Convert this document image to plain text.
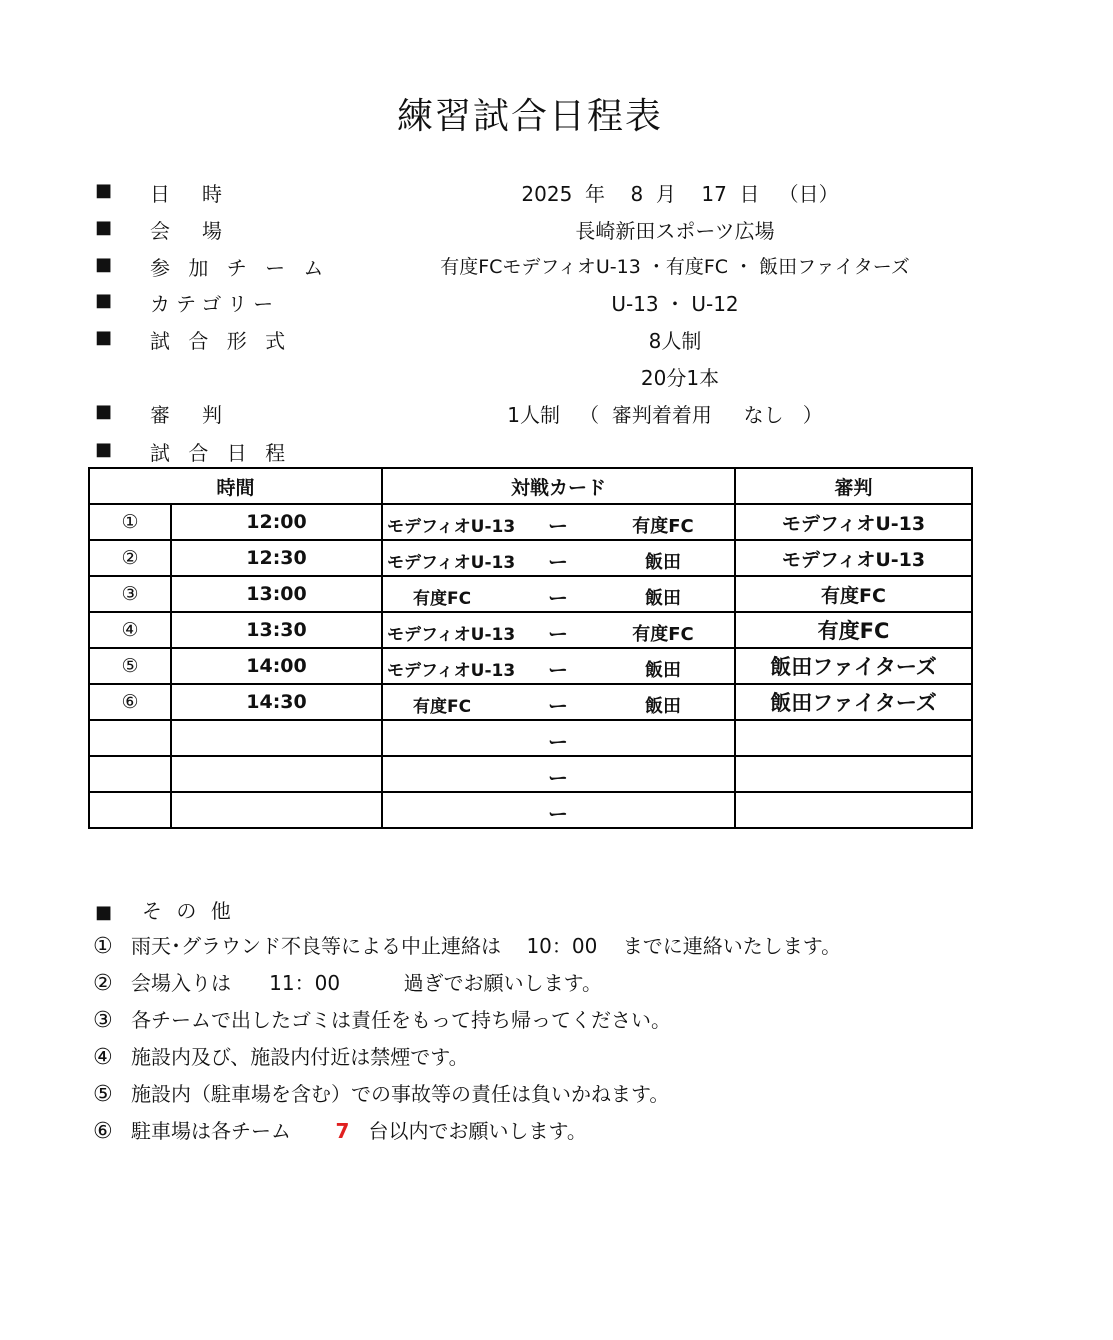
練習試合日程表
■ 日　時	2025 年 8 月 17 日 （日）
■ 会　場	長崎新田スポーツ広場
■ 参 加 チ ー ム	有度FCモデフィオU-13 ・有度FC ・ 飯田ファイターズ
■ カテゴリー	U-13 ・ U-12
■ 試 合 形 式	8人制
20分1本
■ 審　判	1人制 （ 審判着着用 なし ）
■ 試 合 日 程
時間		対戦カード	審判
①	12:00	モデフィオU-13 ー 有度FC	モデフィオU-13
②	12:30	モデフィオU-13 ー 飯田	モデフィオU-13
③	13:00	有度FC ー 飯田	有度FC
④	13:30	モデフィオU-13 ー 有度FC	有度FC
⑤	14:00	モデフィオU-13 ー 飯田	飯田ファイターズ
⑥	14:30	有度FC ー 飯田	飯田ファイターズ

		ー	

		ー	

		ー	

■ そ の 他
① 雨天･グラウンド不良等による中止連絡は 10：00 までに連絡いたします。
② 会場入りは 11：00	過ぎでお願いします。
③ 各チームで出したゴミは責任をもって持ち帰ってください。
④ 施設内及び、施設内付近は禁煙です。
⑤ 施設内（駐車場を含む）での事故等の責任は負いかねます。
⑥ 駐車場は各チーム 7 台以内でお願いします。
